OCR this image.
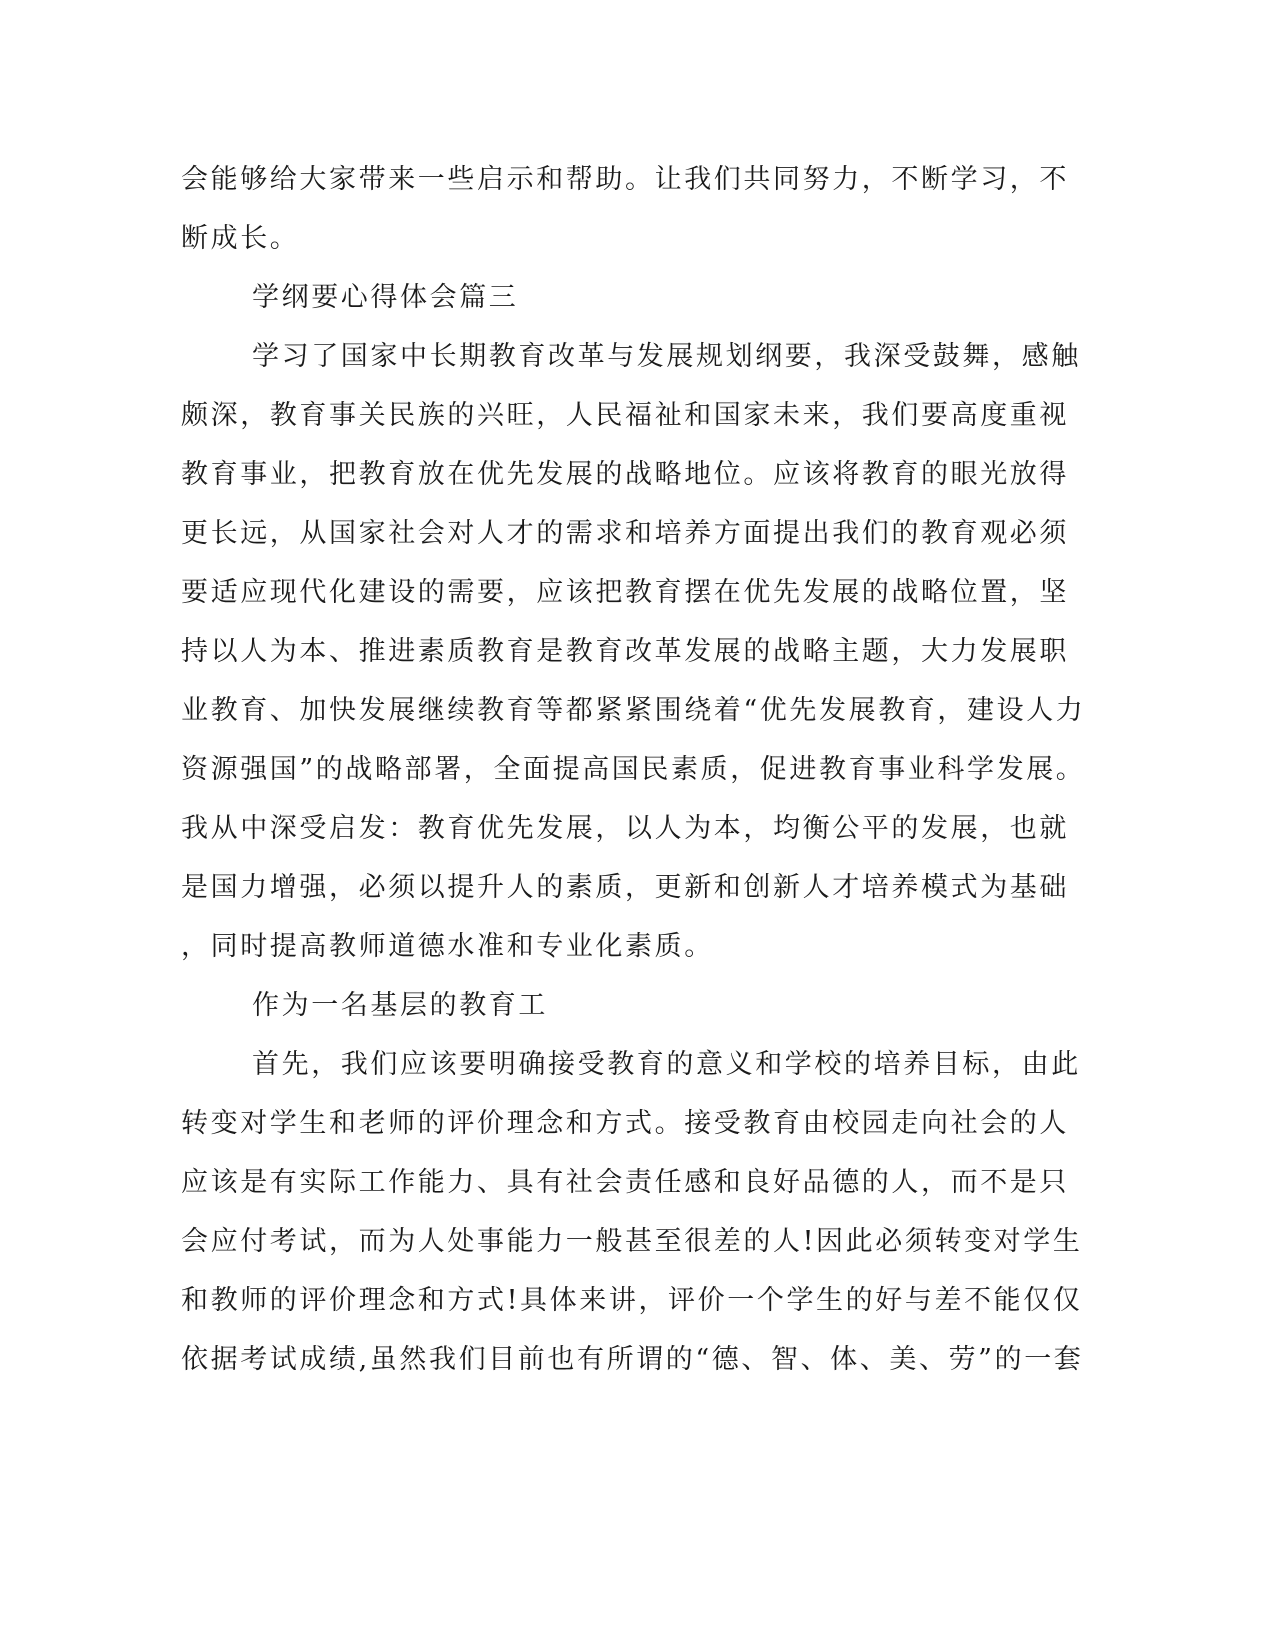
会能够给大家带来一些启示和帮助。让我们共同努力，不断学习，不
断成长。
学纲要心得体会篇三
学习了国家中长期教育改革与发展规划纲要，我深受鼓舞，感触
颇深，教育事关民族的兴旺，人民福祉和国家未来，我们要高度重视
教育事业，把教育放在优先发展的战略地位。应该将教育的眼光放得
更长远，从国家社会对人才的需求和培养方面提出我们的教育观必须
要适应现代化建设的需要，应该把教育摆在优先发展的战略位置，坚
持以人为本、推进素质教育是教育改革发展的战略主题，大力发展职
业教育、加快发展继续教育等都紧紧围绕着“优先发展教育，建设人力
资源强国”的战略部署，全面提高国民素质，促进教育事业科学发展。
我从中深受启发：教育优先发展，以人为本，均衡公平的发展，也就
是国力增强，必须以提升人的素质，更新和创新人才培养模式为基础
，同时提高教师道德水准和专业化素质。
作为一名基层的教育工
首先，我们应该要明确接受教育的意义和学校的培养目标，由此
转变对学生和老师的评价理念和方式。接受教育由校园走向社会的人
应该是有实际工作能力、具有社会责任感和良好品德的人，而不是只
会应付考试，而为人处事能力一般甚至很差的人!因此必须转变对学生
和教师的评价理念和方式!具体来讲，评价一个学生的好与差不能仅仅
依据考试成绩,虽然我们目前也有所谓的“德、智、体、美、劳”的一套
